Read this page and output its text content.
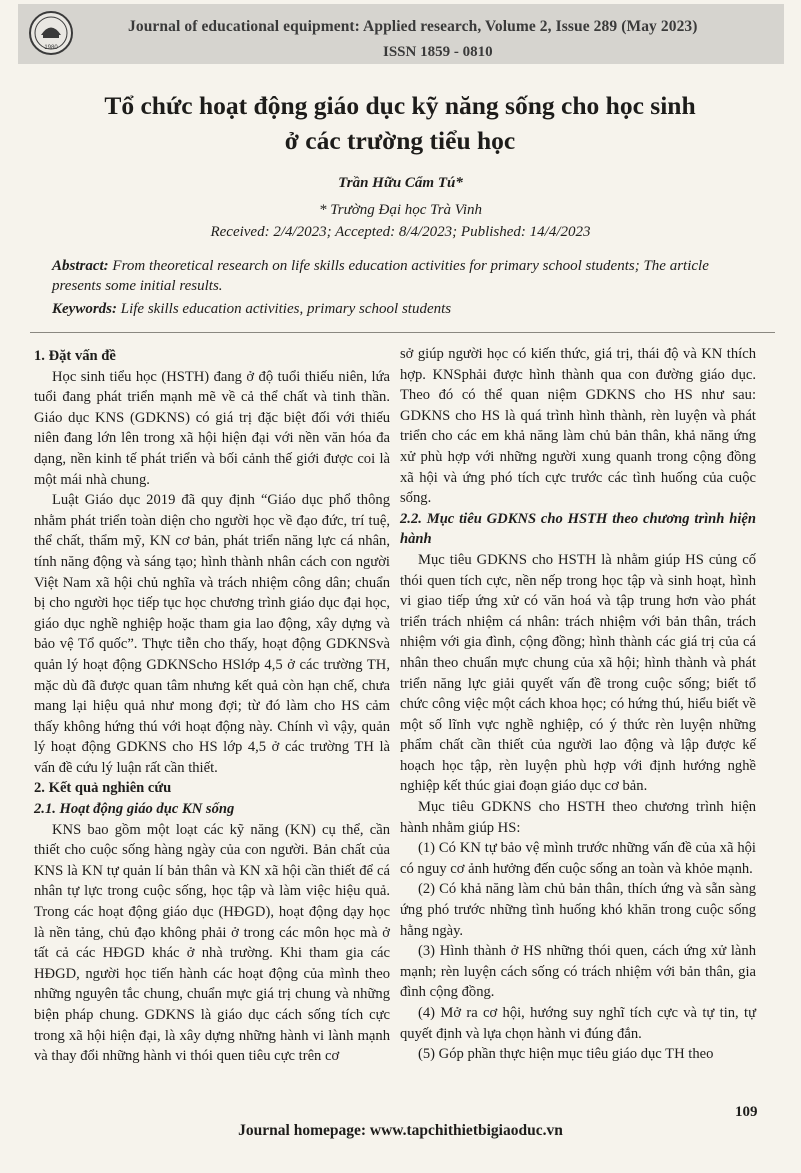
1980
Journal of educational equipment: Applied research, Volume 2, Issue 289 (May 2023)
ISSN 1859 - 0810
Tổ chức hoạt động giáo dục kỹ năng sống cho học sinh
ở các trường tiểu học
Trần Hữu Cẩm Tú*
* Trường Đại học Trà Vinh
Received: 2/4/2023; Accepted: 8/4/2023; Published: 14/4/2023
Abstract: From theoretical research on life skills education activities for primary school students; The article presents some initial results.
Keywords: Life skills education activities, primary school students

1. Đặt vấn đề

Học sinh tiểu học (HSTH) đang ở độ tuổi thiếu niên, lứa tuổi đang phát triển mạnh mẽ về cả thể chất và tinh thần. Giáo dục KNS (GDKNS) có giá trị đặc biệt đối với thiếu niên đang lớn lên trong xã hội hiện đại với nền văn hóa đa dạng, nền kinh tế phát triển và bối cảnh thế giới được coi là một mái nhà chung.

Luật Giáo dục 2019 đã quy định “Giáo dục phổ thông nhằm phát triển toàn diện cho người học về đạo đức, trí tuệ, thể chất, thẩm mỹ, KN cơ bản, phát triển năng lực cá nhân, tính năng động và sáng tạo; hình thành nhân cách con người Việt Nam xã hội chủ nghĩa và trách nhiệm công dân; chuẩn bị cho người học tiếp tục học chương trình giáo dục đại học, giáo dục nghề nghiệp hoặc tham gia lao động, xây dựng và bảo vệ Tổ quốc”. Thực tiễn cho thấy, hoạt động GDKNSvà quản lý hoạt động GDKNScho HSlớp 4,5 ở các trường TH, mặc dù đã được quan tâm nhưng kết quả còn hạn chế, chưa mang lại hiệu quả như mong đợi; từ đó làm cho HS cảm thấy không hứng thú với hoạt động này. Chính vì vậy, quản lý hoạt động GDKNS cho HS lớp 4,5 ở các trường TH là vấn đề cứu lý luận rất cần thiết.

2. Kết quả nghiên cứu

2.1. Hoạt động giáo dục KN sống

KNS bao gồm một loạt các kỹ năng (KN) cụ thể, cần thiết cho cuộc sống hàng ngày của con người. Bản chất của KNS là KN tự quản lí bản thân và KN xã hội cần thiết để cá nhân tự lực trong cuộc sống, học tập và làm việc hiệu quả. Trong các hoạt động giáo dục (HĐGD), hoạt động dạy học là nền tảng, chủ đạo không phải ở trong các môn học mà ở tất cả các HĐGD khác ở nhà trường. Khi tham gia các HĐGD, người học tiến hành các hoạt động của mình theo những nguyên tắc chung, chuẩn mực giá trị chung và những biện pháp chung. GDKNS là giáo dục cách sống tích cực trong xã hội hiện đại, là xây dựng những hành vi lành mạnh và thay đổi những hành vi thói quen tiêu cực trên cơ

sở giúp người học có kiến thức, giá trị, thái độ và KN thích hợp. KNSphải được hình thành qua con đường giáo dục. Theo đó có thể quan niệm GDKNS cho HS như sau: GDKNS cho HS là quá trình hình thành, rèn luyện và phát triển cho các em khả năng làm chủ bản thân, khả năng ứng xử phù hợp với những người xung quanh trong cộng đồng xã hội và ứng phó tích cực trước các tình huống của cuộc sống.

2.2. Mục tiêu GDKNS cho HSTH theo chương trình hiện hành

Mục tiêu GDKNS cho HSTH là nhằm giúp HS củng cố thói quen tích cực, nền nếp trong học tập và sinh hoạt, hình vi giao tiếp ứng xử có văn hoá và tập trung hơn vào phát triển trách nhiệm cá nhân: trách nhiệm với bản thân, trách nhiệm với gia đình, cộng đồng; hình thành các giá trị của cá nhân theo chuẩn mực chung của xã hội; hình thành và phát triển năng lực giải quyết vấn đề trong cuộc sống; biết tổ chức công việc một cách khoa học; có hứng thú, hiểu biết về một số lĩnh vực nghề nghiệp, có ý thức rèn luyện những phẩm chất cần thiết của người lao động và lập được kế hoạch học tập, rèn luyện phù hợp với định hướng nghề nghiệp kết thúc giai đoạn giáo dục cơ bản.

Mục tiêu GDKNS cho HSTH theo chương trình hiện hành nhằm giúp HS:

(1) Có KN tự bảo vệ mình trước những vấn đề của xã hội có nguy cơ ảnh hưởng đến cuộc sống an toàn và khỏe mạnh.

(2) Có khả năng làm chủ bản thân, thích ứng và sẵn sàng ứng phó trước những tình huống khó khăn trong cuộc sống hằng ngày.

(3) Hình thành ở HS những thói quen, cách ứng xử lành mạnh; rèn luyện cách sống có trách nhiệm với bản thân, gia đình cộng đồng.

(4) Mở ra cơ hội, hướng suy nghĩ tích cực và tự tin, tự quyết định và lựa chọn hành vi đúng đắn.

(5) Góp phần thực hiện mục tiêu giáo dục TH theo

109
Journal homepage: www.tapchithietbigiaoduc.vn
